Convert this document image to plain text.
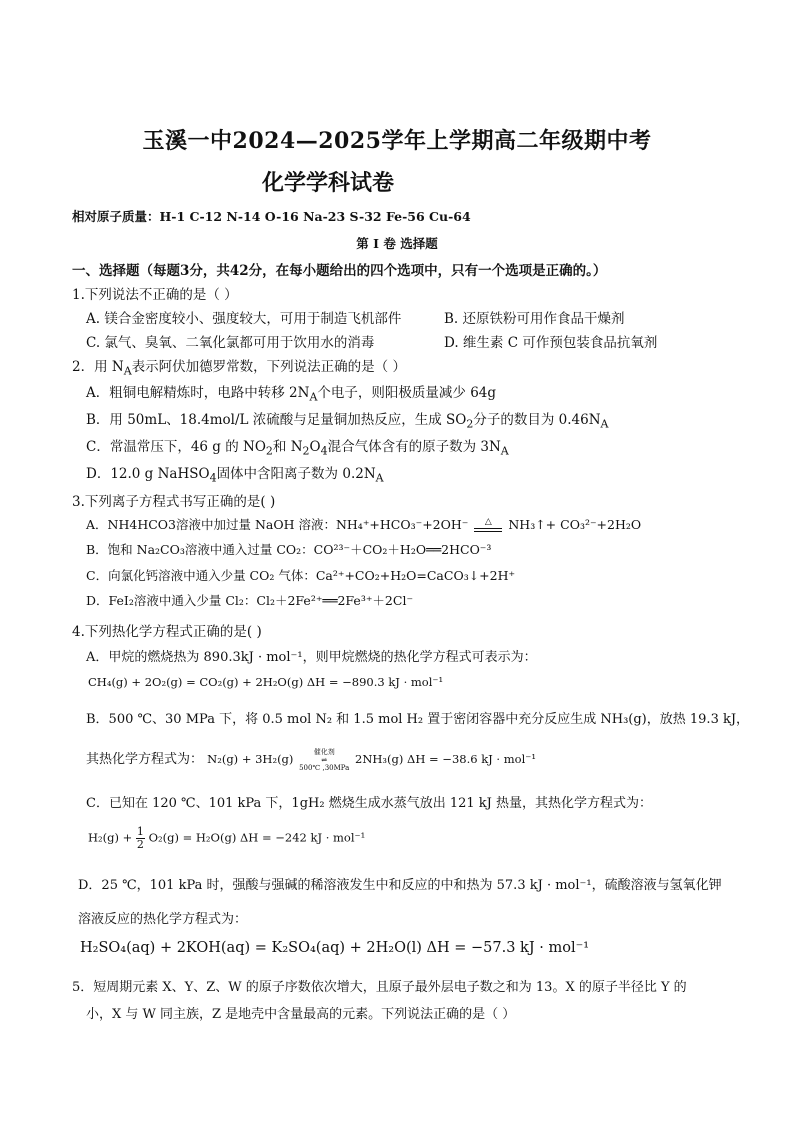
玉溪一中2024—2025学年上学期高二年级期中考
化学学科试卷
相对原子质量：H-1 C-12 N-14 O-16 Na-23 S-32 Fe-56 Cu-64
第 I 卷 选择题
一、选择题（每题3分，共42分，在每小题给出的四个选项中，只有一个选项是正确的。）
1.下列说法不正确的是（ ）
A. 镁合金密度较小、强度较大，可用于制造飞机部件	B. 还原铁粉可用作食品干燥剂
C. 氯气、臭氧、二氧化氯都可用于饮用水的消毒	D. 维生素 C 可作预包装食品抗氧剂
2．用 $N_A$表示阿伏加德罗常数，下列说法正确的是（ ）
A．粗铜电解精炼时，电路中转移 $2N_A$个电子，则阳极质量减少 64g
B．用 50mL、18.4mol/L 浓硫酸与足量铜加热反应，生成 $SO_2$分子的数目为 $0.46N_A$
C．常温常压下，46 g 的 $NO_2$和 $N_2O_4$混合气体含有的原子数为 $3N_A$
D．12.0 g NaHSO$_4$固体中含阳离子数为 $0.2N_A$
3.下列离子方程式书写正确的是( )
A．NH4HCO3溶液中加过量 NaOH 溶液：NH₄⁺+HCO₃⁻+2OH⁻ △ NH₃↑+ CO₃²⁻+2H₂O
B．饱和 Na₂CO₃溶液中通入过量 CO₂：CO²³⁻＋CO₂＋H₂O══2HCO⁻³
C．向氯化钙溶液中通入少量 CO₂ 气体：Ca²⁺+CO₂+H₂O=CaCO₃↓+2H⁺
D．FeI₂溶液中通入少量 Cl₂：Cl₂＋2Fe²⁺══2Fe³⁺＋2Cl⁻
4.下列热化学方程式正确的是( )
A．甲烷的燃烧热为 890.3kJ · mol⁻¹，则甲烷燃烧的热化学方程式可表示为：
CH₄(g) + 2O₂(g) = CO₂(g) + 2H₂O(g) ΔH = −890.3 kJ · mol⁻¹
B．500 ℃、30 MPa 下，将 0.5 mol N₂ 和 1.5 mol H₂ 置于密闭容器中充分反应生成 NH₃(g)，放热 19.3 kJ，
其热化学方程式为： N₂(g) + 3H₂(g)	催化剂
⇌
500℃ ,30MPa 2NH₃(g) ΔH = −38.6 kJ · mol⁻¹
C．已知在 120 ℃、101 kPa 下，1gH₂ 燃烧生成水蒸气放出 121 kJ 热量，其热化学方程式为：
$H_2(g) + \frac{1}{2} O_2(g) = H_2O(g) \Delta H = -242$ kJ · mol⁻¹
D．25 ℃，101 kPa 时，强酸与强碱的稀溶液发生中和反应的中和热为 57.3 kJ · mol⁻¹，硫酸溶液与氢氧化钾
溶液反应的热化学方程式为：
H₂SO₄(aq) + 2KOH(aq) = K₂SO₄(aq) + 2H₂O(l) ΔH = −57.3 kJ · mol⁻¹
5．短周期元素 X、Y、Z、W 的原子序数依次增大，且原子最外层电子数之和为 13。X 的原子半径比 Y 的
小，X 与 W 同主族，Z 是地壳中含量最高的元素。下列说法正确的是（ ）
